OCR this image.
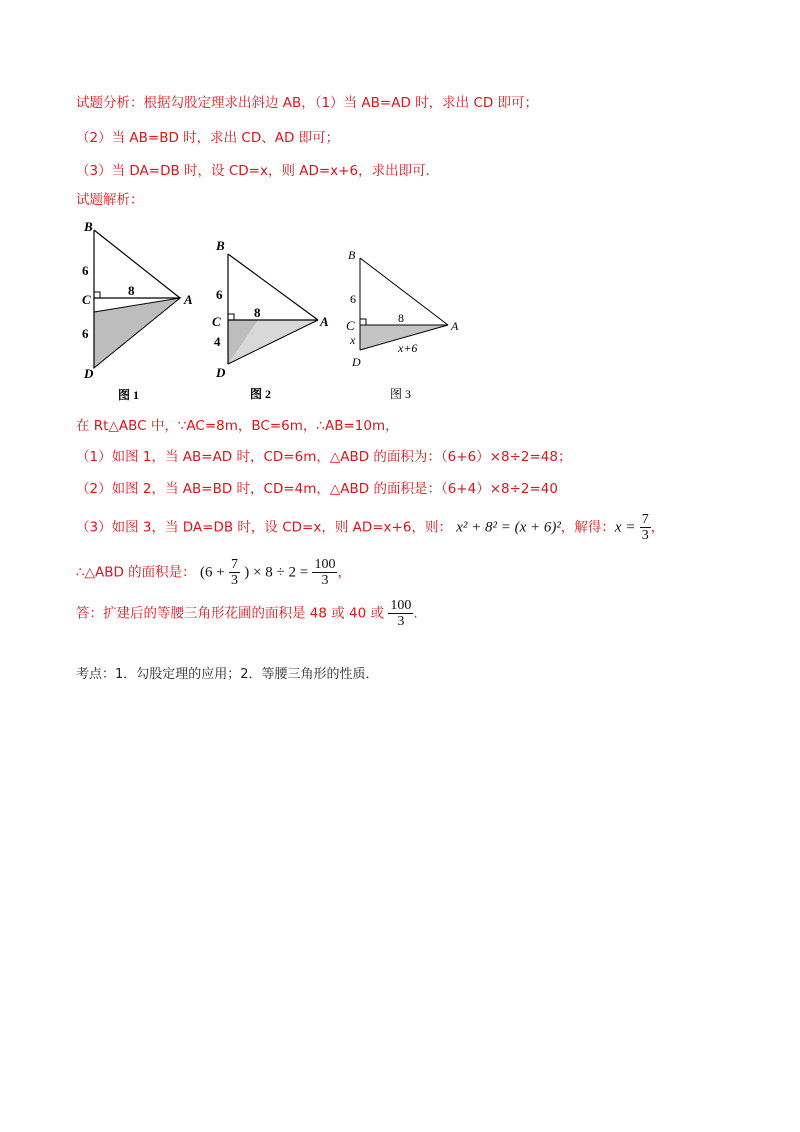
试题分析：根据勾股定理求出斜边 AB，（1）当 AB=AD 时，求出 CD 即可；
（2）当 AB=BD 时，求出 CD、AD 即可；
（3）当 DA=DB 时，设 CD=x，则 AD=x+6，求出即可.
试题解析：
B
C	A
D
6
8
6
图 1
B
C	A
D
6
8
4
图 2
B
C	A
D
6
8
x
x+6
图 3
在 Rt△ABC 中，∵AC=8m，BC=6m，∴AB=10m，
（1）如图 1，当 AB=AD 时，CD=6m，△ABD 的面积为：（6+6）×8÷2=48；
（2）如图 2，当 AB=BD 时，CD=4m，△ABD 的面积是：（6+4）×8÷2=40
（3）如图 3，当 DA=DB 时，设 CD=x，则 AD=x+6，则： x² + 8² = (x + 6)²，解得：$x = \frac{7}{3}$ ，
∴△ABD 的面积是： ($6 + \frac{7}{3}$ ) × $8 \div 2 = \frac{100}{3}$ ，
答：扩建后的等腰三角形花圃的面积是 48 或 40 或 $\frac{100}{3}$ .
考点：1．勾股定理的应用；2．等腰三角形的性质．
